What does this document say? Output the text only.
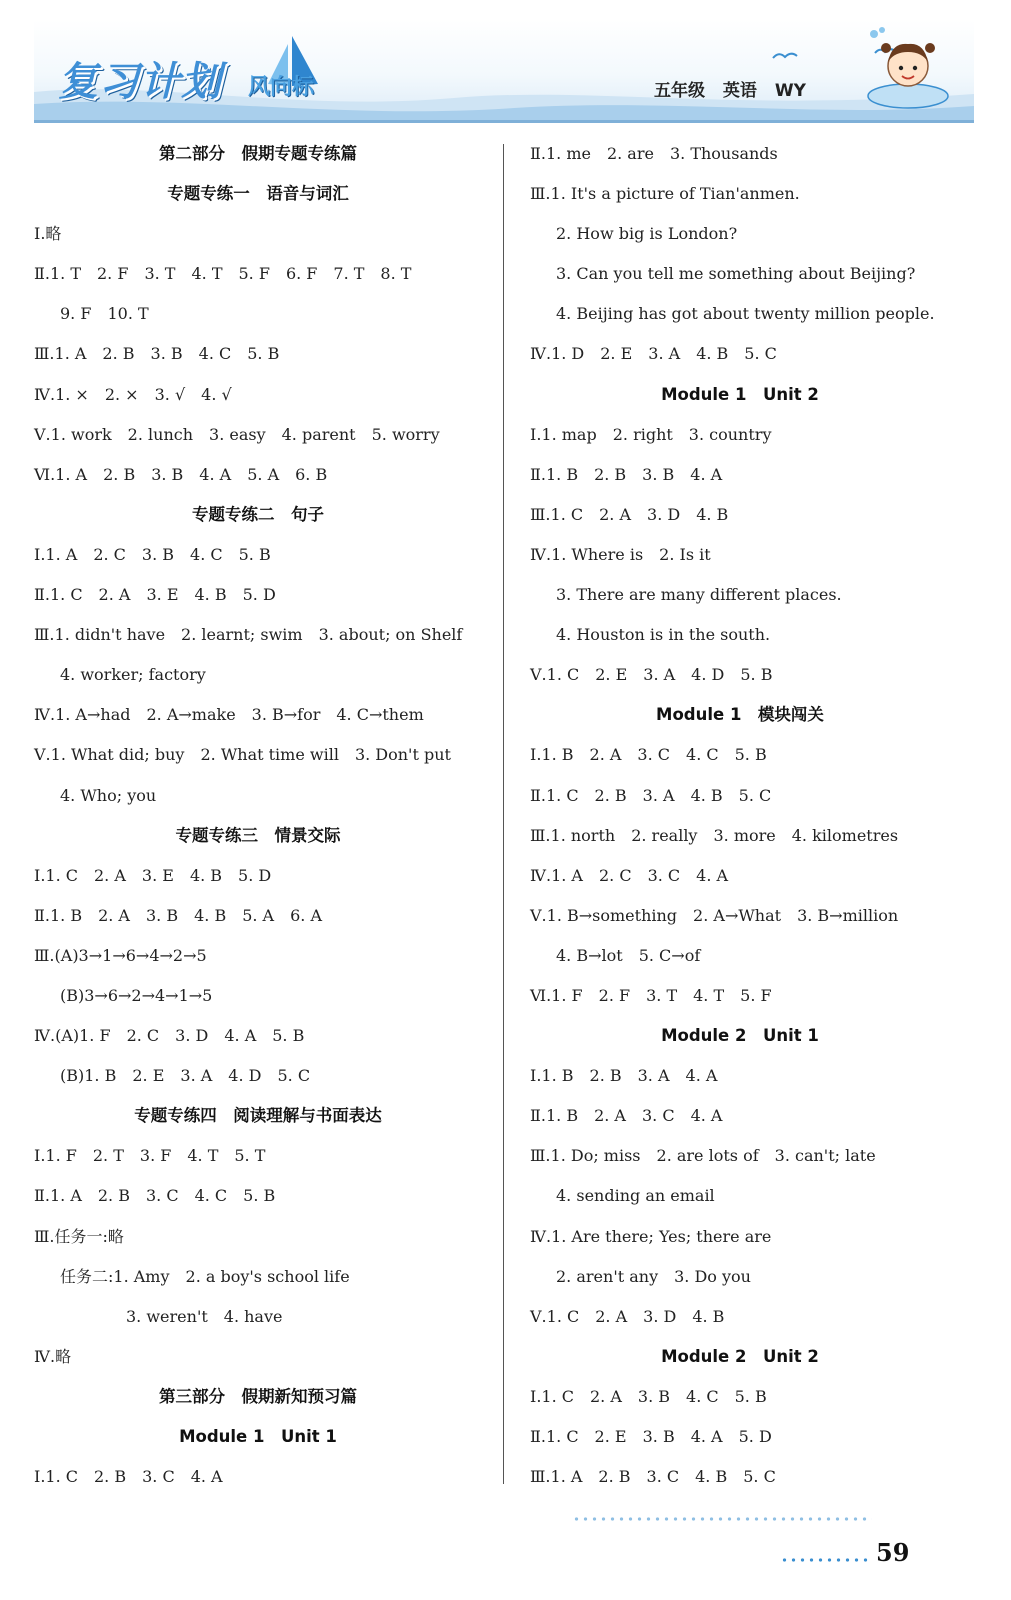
复习计划 风向标	五年级 英语 WY
第二部分　假期专题专练篇
专题专练一　语音与词汇
Ⅰ.略
Ⅱ.1. T　2. F　3. T　4. T　5. F　6. F　7. T　8. T
9. F　10. T
Ⅲ.1. A　2. B　3. B　4. C　5. B
Ⅳ.1. ×　2. ×　3. √　4. √
Ⅴ.1. work　2. lunch　3. easy　4. parent　5. worry
Ⅵ.1. A　2. B　3. B　4. A　5. A　6. B
专题专练二　句子
Ⅰ.1. A　2. C　3. B　4. C　5. B
Ⅱ.1. C　2. A　3. E　4. B　5. D
Ⅲ.1. didn't have　2. learnt; swim　3. about; on Shelf
4. worker; factory
Ⅳ.1. A→had　2. A→make　3. B→for　4. C→them
Ⅴ.1. What did; buy　2. What time will　3. Don't put
4. Who; you
专题专练三　情景交际
Ⅰ.1. C　2. A　3. E　4. B　5. D
Ⅱ.1. B　2. A　3. B　4. B　5. A　6. A
Ⅲ.(A)3→1→6→4→2→5
(B)3→6→2→4→1→5
Ⅳ.(A)1. F　2. C　3. D　4. A　5. B
(B)1. B　2. E　3. A　4. D　5. C
专题专练四　阅读理解与书面表达
Ⅰ.1. F　2. T　3. F　4. T　5. T
Ⅱ.1. A　2. B　3. C　4. C　5. B
Ⅲ.任务一:略
任务二:1. Amy　2. a boy's school life
3. weren't　4. have
Ⅳ.略
第三部分　假期新知预习篇
Module 1　Unit 1
Ⅰ.1. C　2. B　3. C　4. A
Ⅱ.1. me　2. are　3. Thousands
Ⅲ.1. It's a picture of Tian'anmen.
2. How big is London?
3. Can you tell me something about Beijing?
4. Beijing has got about twenty million people.
Ⅳ.1. D　2. E　3. A　4. B　5. C
Module 1　Unit 2
Ⅰ.1. map　2. right　3. country
Ⅱ.1. B　2. B　3. B　4. A
Ⅲ.1. C　2. A　3. D　4. B
Ⅳ.1. Where is　2. Is it
3. There are many different places.
4. Houston is in the south.
Ⅴ.1. C　2. E　3. A　4. D　5. B
Module 1　模块闯关
Ⅰ.1. B　2. A　3. C　4. C　5. B
Ⅱ.1. C　2. B　3. A　4. B　5. C
Ⅲ.1. north　2. really　3. more　4. kilometres
Ⅳ.1. A　2. C　3. C　4. A
Ⅴ.1. B→something　2. A→What　3. B→million
4. B→lot　5. C→of
Ⅵ.1. F　2. F　3. T　4. T　5. F
Module 2　Unit 1
Ⅰ.1. B　2. B　3. A　4. A
Ⅱ.1. B　2. A　3. C　4. A
Ⅲ.1. Do; miss　2. are lots of　3. can't; late
4. sending an email
Ⅳ.1. Are there; Yes; there are
2. aren't any　3. Do you
Ⅴ.1. C　2. A　3. D　4. B
Module 2　Unit 2
Ⅰ.1. C　2. A　3. B　4. C　5. B
Ⅱ.1. C　2. E　3. B　4. A　5. D
Ⅲ.1. A　2. B　3. C　4. B　5. C
59
